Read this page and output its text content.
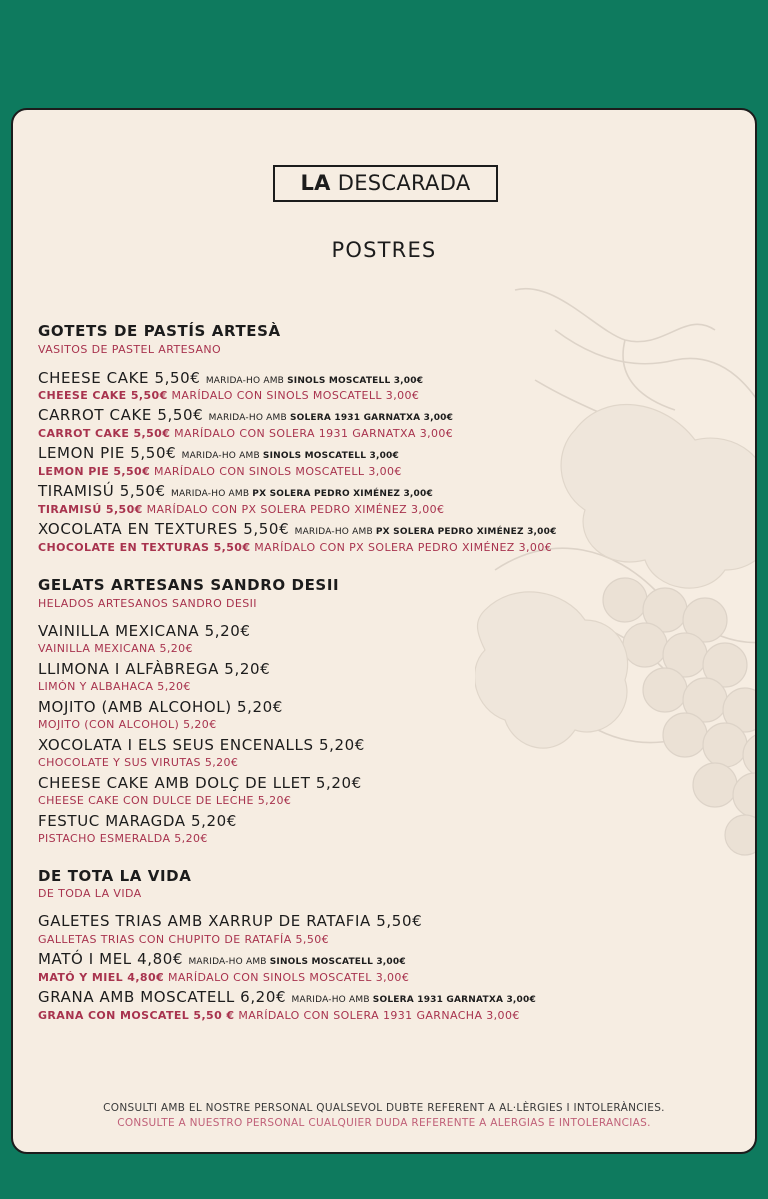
LA DESCARADA
POSTRES
GOTETS DE PASTÍS ARTESÀ
VASITOS DE PASTEL ARTESANO
CHEESE CAKE 5,50€ MARIDA-HO AMB SINOLS MOSCATELL 3,00€
CHEESE CAKE 5,50€ MARÍDALO CON SINOLS MOSCATELL 3,00€
CARROT CAKE 5,50€ MARIDA-HO AMB SOLERA 1931 GARNATXA 3,00€
CARROT CAKE 5,50€ MARÍDALO CON SOLERA 1931 GARNATXA 3,00€
LEMON PIE 5,50€ MARIDA-HO AMB SINOLS MOSCATELL 3,00€
LEMON PIE 5,50€ MARÍDALO CON SINOLS MOSCATELL 3,00€
TIRAMISÚ 5,50€ MARIDA-HO AMB PX SOLERA PEDRO XIMÉNEZ 3,00€
TIRAMISÚ 5,50€ MARÍDALO CON PX SOLERA PEDRO XIMÉNEZ 3,00€
XOCOLATA EN TEXTURES 5,50€ MARIDA-HO AMB PX SOLERA PEDRO XIMÉNEZ 3,00€
CHOCOLATE EN TEXTURAS 5,50€ MARÍDALO CON PX SOLERA PEDRO XIMÉNEZ 3,00€
GELATS ARTESANS SANDRO DESII
HELADOS ARTESANOS SANDRO DESII
VAINILLA MEXICANA 5,20€
VAINILLA MEXICANA 5,20€
LLIMONA I ALFÀBREGA 5,20€
LIMÓN Y ALBAHACA 5,20€
MOJITO (AMB ALCOHOL) 5,20€
MOJITO (CON ALCOHOL) 5,20€
XOCOLATA I ELS SEUS ENCENALLS 5,20€
CHOCOLATE Y SUS VIRUTAS 5,20€
CHEESE CAKE AMB DOLÇ DE LLET 5,20€
CHEESE CAKE CON DULCE DE LECHE 5,20€
FESTUC MARAGDA 5,20€
PISTACHO ESMERALDA 5,20€
DE TOTA LA VIDA
DE TODA LA VIDA
GALETES TRIAS AMB XARRUP DE RATAFIA 5,50€
GALLETAS TRIAS CON CHUPITO DE RATAFÍA 5,50€
MATÓ I MEL 4,80€ MARIDA-HO AMB SINOLS MOSCATELL 3,00€
MATÓ Y MIEL 4,80€ MARÍDALO CON SINOLS MOSCATEL 3,00€
GRANA AMB MOSCATELL 6,20€ MARIDA-HO AMB SOLERA 1931 GARNATXA 3,00€
GRANA CON MOSCATEL 5,50 € MARÍDALO CON SOLERA 1931 GARNACHA 3,00€
CONSULTI AMB EL NOSTRE PERSONAL QUALSEVOL DUBTE REFERENT A AL·LÈRGIES I INTOLERÀNCIES.
CONSULTE A NUESTRO PERSONAL CUALQUIER DUDA REFERENTE A ALERGIAS E INTOLERANCIAS.
